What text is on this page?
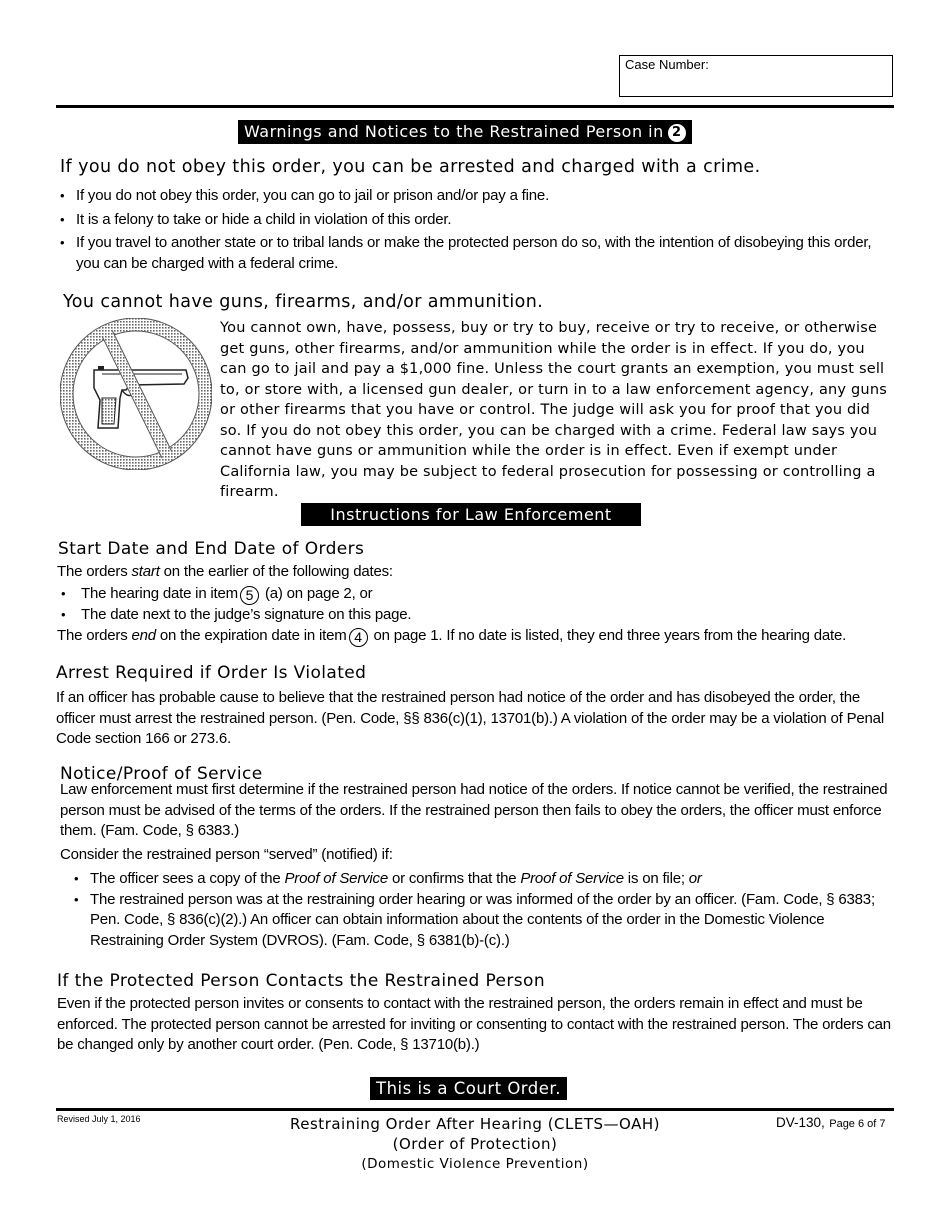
Case Number:
Warnings and Notices to the Restrained Person in 2
If you do not obey this order, you can be arrested and charged with a crime.
• If you do not obey this order, you can go to jail or prison and/or pay a fine.
• It is a felony to take or hide a child in violation of this order.
• If you travel to another state or to tribal lands or make the protected person do so, with the intention of disobeying this order, you can be charged with a federal crime.
You cannot have guns, firearms, and/or ammunition.
You cannot own, have, possess, buy or try to buy, receive or try to receive, or otherwise get guns, other firearms, and/or ammunition while the order is in effect. If you do, you can go to jail and pay a $1,000 fine. Unless the court grants an exemption, you must sell to, or store with, a licensed gun dealer, or turn in to a law enforcement agency, any guns or other firearms that you have or control. The judge will ask you for proof that you did so. If you do not obey this order, you can be charged with a crime. Federal law says you cannot have guns or ammunition while the order is in effect. Even if exempt under California law, you may be subject to federal prosecution for possessing or controlling a firearm.
Instructions for Law Enforcement
Start Date and End Date of Orders
The orders start on the earlier of the following dates:
• The hearing date in item 5 (a) on page 2, or
• The date next to the judge’s signature on this page.
The orders end on the expiration date in item 4 on page 1. If no date is listed, they end three years from the hearing date.
Arrest Required if Order Is Violated
If an officer has probable cause to believe that the restrained person had notice of the order and has disobeyed the order, the officer must arrest the restrained person. (Pen. Code, §§ 836(c)(1), 13701(b).) A violation of the order may be a violation of Penal Code section 166 or 273.6.
Notice/Proof of Service
Law enforcement must first determine if the restrained person had notice of the orders. If notice cannot be verified, the restrained person must be advised of the terms of the orders. If the restrained person then fails to obey the orders, the officer must enforce them. (Fam. Code, § 6383.)
Consider the restrained person “served” (notified) if:
• The officer sees a copy of the Proof of Service or confirms that the Proof of Service is on file; or
• The restrained person was at the restraining order hearing or was informed of the order by an officer. (Fam. Code, § 6383; Pen. Code, § 836(c)(2).) An officer can obtain information about the contents of the order in the Domestic Violence Restraining Order System (DVROS). (Fam. Code, § 6381(b)-(c).)
If the Protected Person Contacts the Restrained Person
Even if the protected person invites or consents to contact with the restrained person, the orders remain in effect and must be enforced. The protected person cannot be arrested for inviting or consenting to contact with the restrained person. The orders can be changed only by another court order. (Pen. Code, § 13710(b).)
This is a Court Order.
Revised July 1, 2016	Restraining Order After Hearing (CLETS—OAH)
(Order of Protection)
(Domestic Violence Prevention)
DV-130, Page 6 of 7
